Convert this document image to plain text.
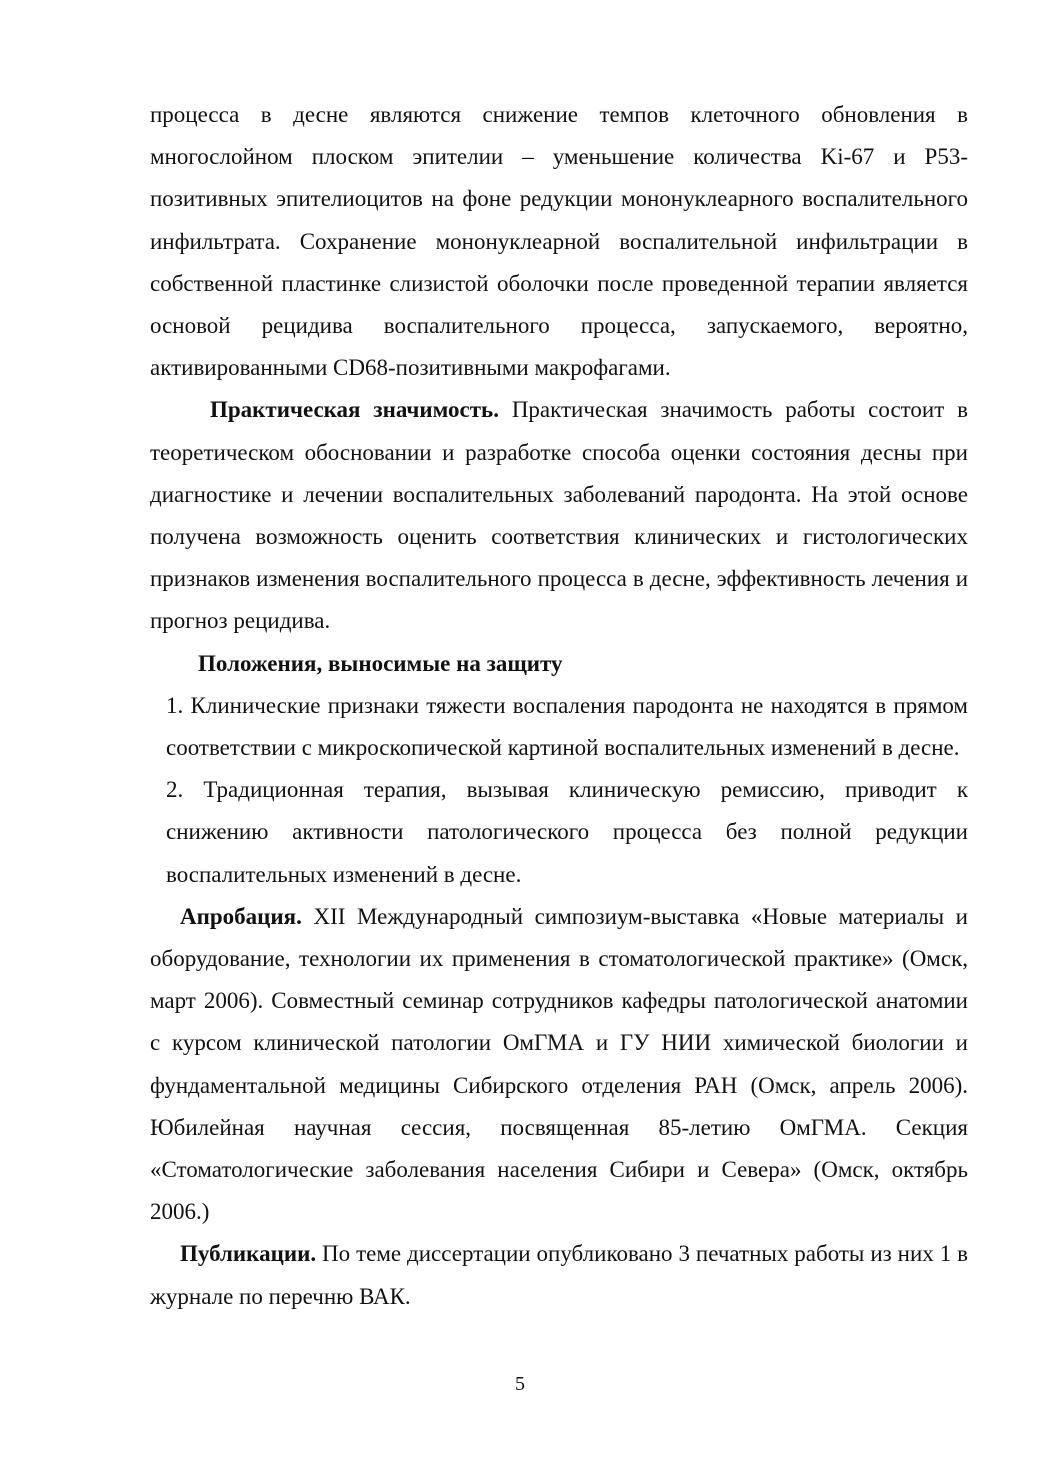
процесса в десне являются снижение темпов клеточного обновления в многослойном плоском эпителии – уменьшение количества Ki-67 и P53-позитивных эпителиоцитов на фоне редукции мононуклеарного воспалительного инфильтрата. Сохранение мононуклеарной воспалительной инфильтрации в собственной пластинке слизистой оболочки после проведенной терапии является основой рецидива воспалительного процесса, запускаемого, вероятно, активированными CD68-позитивными макрофагами.

Практическая значимость. Практическая значимость работы состоит в теоретическом обосновании и разработке способа оценки состояния десны при диагностике и лечении воспалительных заболеваний пародонта. На этой основе получена возможность оценить соответствия клинических и гистологических признаков изменения воспалительного процесса в десне, эффективность лечения и прогноз рецидива.

Положения, выносимые на защиту

1. Клинические признаки тяжести воспаления пародонта не находятся в прямом соответствии с микроскопической картиной воспалительных изменений в десне.

2. Традиционная терапия, вызывая клиническую ремиссию, приводит к снижению активности патологического процесса без полной редукции воспалительных изменений в десне.

Апробация. XII Международный симпозиум-выставка «Новые материалы и оборудование, технологии их применения в стоматологической практике» (Омск, март 2006). Совместный семинар сотрудников кафедры патологической анатомии с курсом клинической патологии ОмГМА и ГУ НИИ химической биологии и фундаментальной медицины Сибирского отделения РАН (Омск, апрель 2006). Юбилейная научная сессия, посвященная 85-летию ОмГМА. Секция «Стоматологические заболевания населения Сибири и Севера» (Омск, октябрь 2006.)

Публикации. По теме диссертации опубликовано 3 печатных работы из них 1 в журнале по перечню ВАК.

5
